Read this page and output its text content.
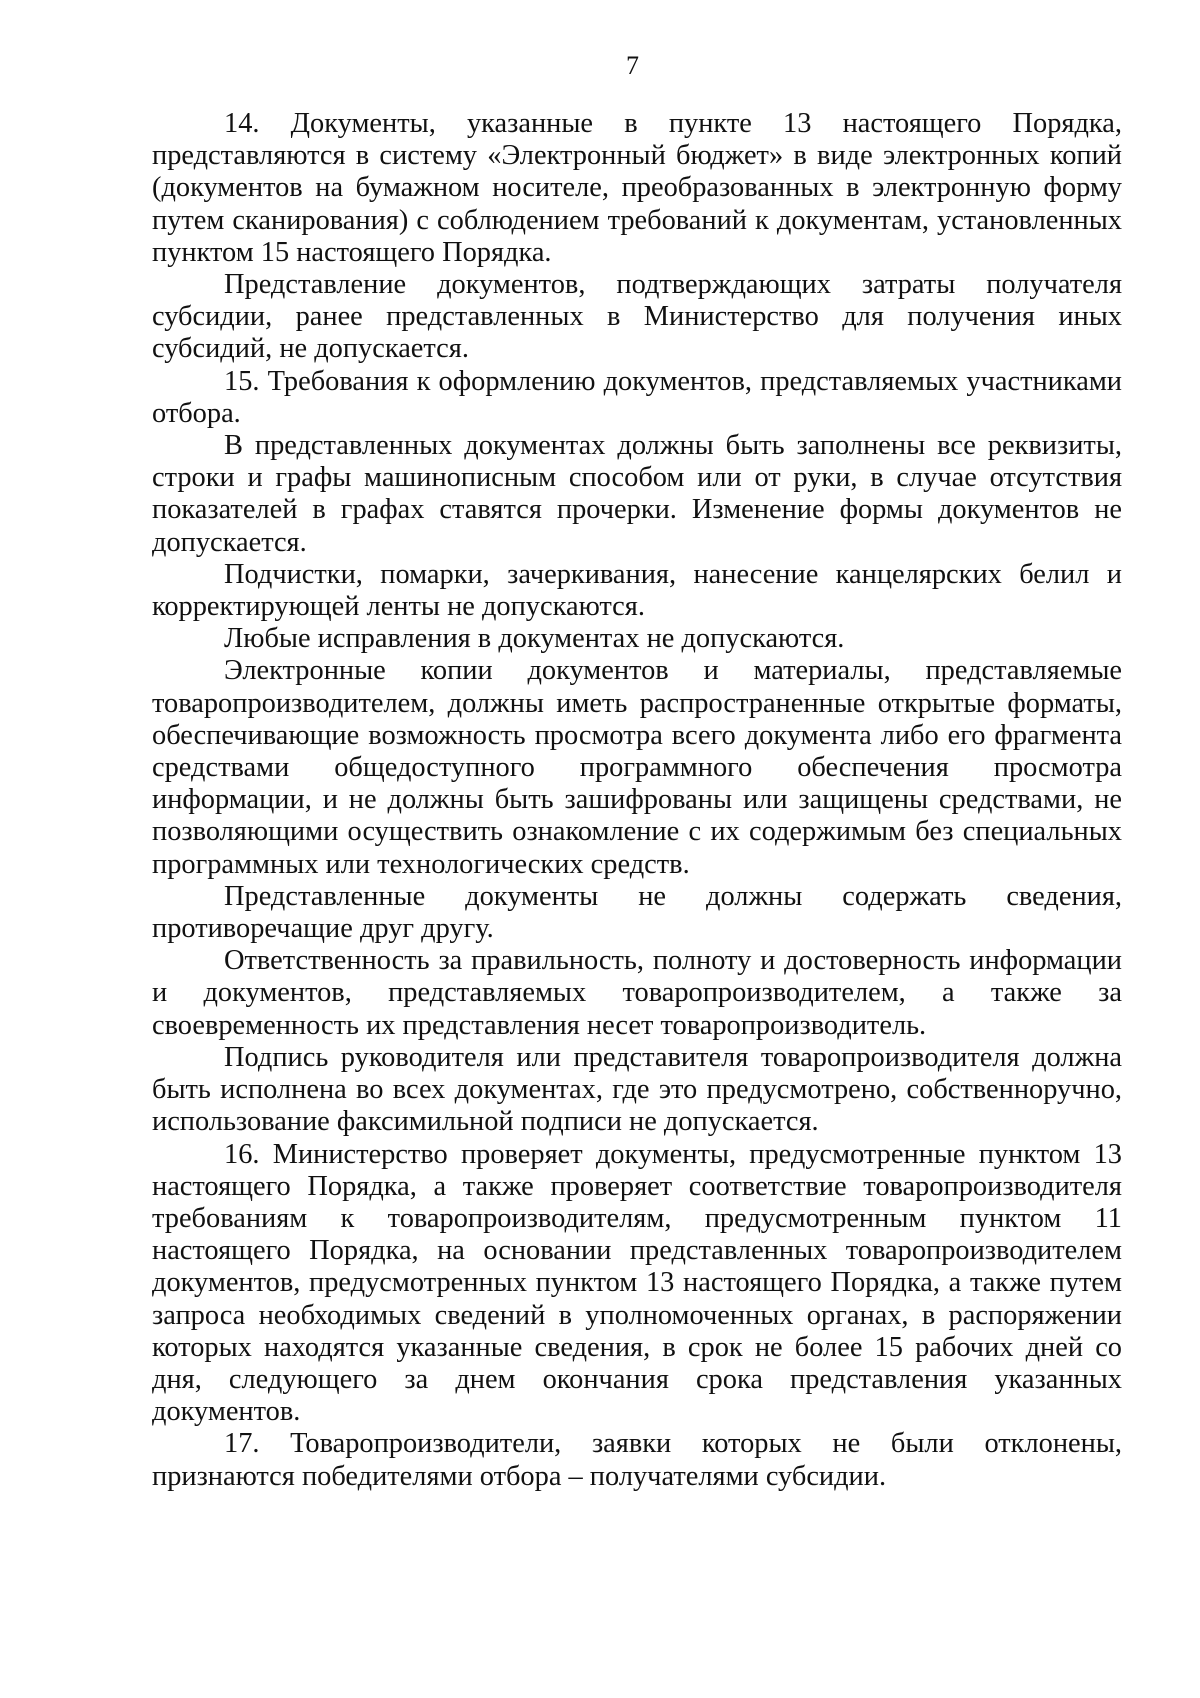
7

14. Документы, указанные в пункте 13 настоящего Порядка, представляются в систему «Электронный бюджет» в виде электронных копий (документов на бумажном носителе, преобразованных в электронную форму путем сканирования) с соблюдением требований к документам, установленных пунктом 15 настоящего Порядка.

Представление документов, подтверждающих затраты получателя субсидии, ранее представленных в Министерство для получения иных субсидий, не допускается.

15. Требования к оформлению документов, представляемых участниками отбора.

В представленных документах должны быть заполнены все реквизиты, строки и графы машинописным способом или от руки, в случае отсутствия показателей в графах ставятся прочерки. Изменение формы документов не допускается.

Подчистки, помарки, зачеркивания, нанесение канцелярских белил и корректирующей ленты не допускаются.

Любые исправления в документах не допускаются.

Электронные копии документов и материалы, представляемые товаропроизводителем, должны иметь распространенные открытые форматы, обеспечивающие возможность просмотра всего документа либо его фрагмента средствами общедоступного программного обеспечения просмотра информации, и не должны быть зашифрованы или защищены средствами, не позволяющими осуществить ознакомление с их содержимым без специальных программных или технологических средств.

Представленные документы не должны содержать сведения, противоречащие друг другу.

Ответственность за правильность, полноту и достоверность информации и документов, представляемых товаропроизводителем, а также за своевременность их представления несет товаропроизводитель.

Подпись руководителя или представителя товаропроизводителя должна быть исполнена во всех документах, где это предусмотрено, собственноручно, использование факсимильной подписи не допускается.

16. Министерство проверяет документы, предусмотренные пунктом 13 настоящего Порядка, а также проверяет соответствие товаропроизводителя требованиям к товаропроизводителям, предусмотренным пунктом 11 настоящего Порядка, на основании представленных товаропроизводителем документов, предусмотренных пунктом 13 настоящего Порядка, а также путем запроса необходимых сведений в уполномоченных органах, в распоряжении которых находятся указанные сведения, в срок не более 15 рабочих дней со дня, следующего за днем окончания срока представления указанных документов.

17. Товаропроизводители, заявки которых не были отклонены, признаются победителями отбора – получателями субсидии.
